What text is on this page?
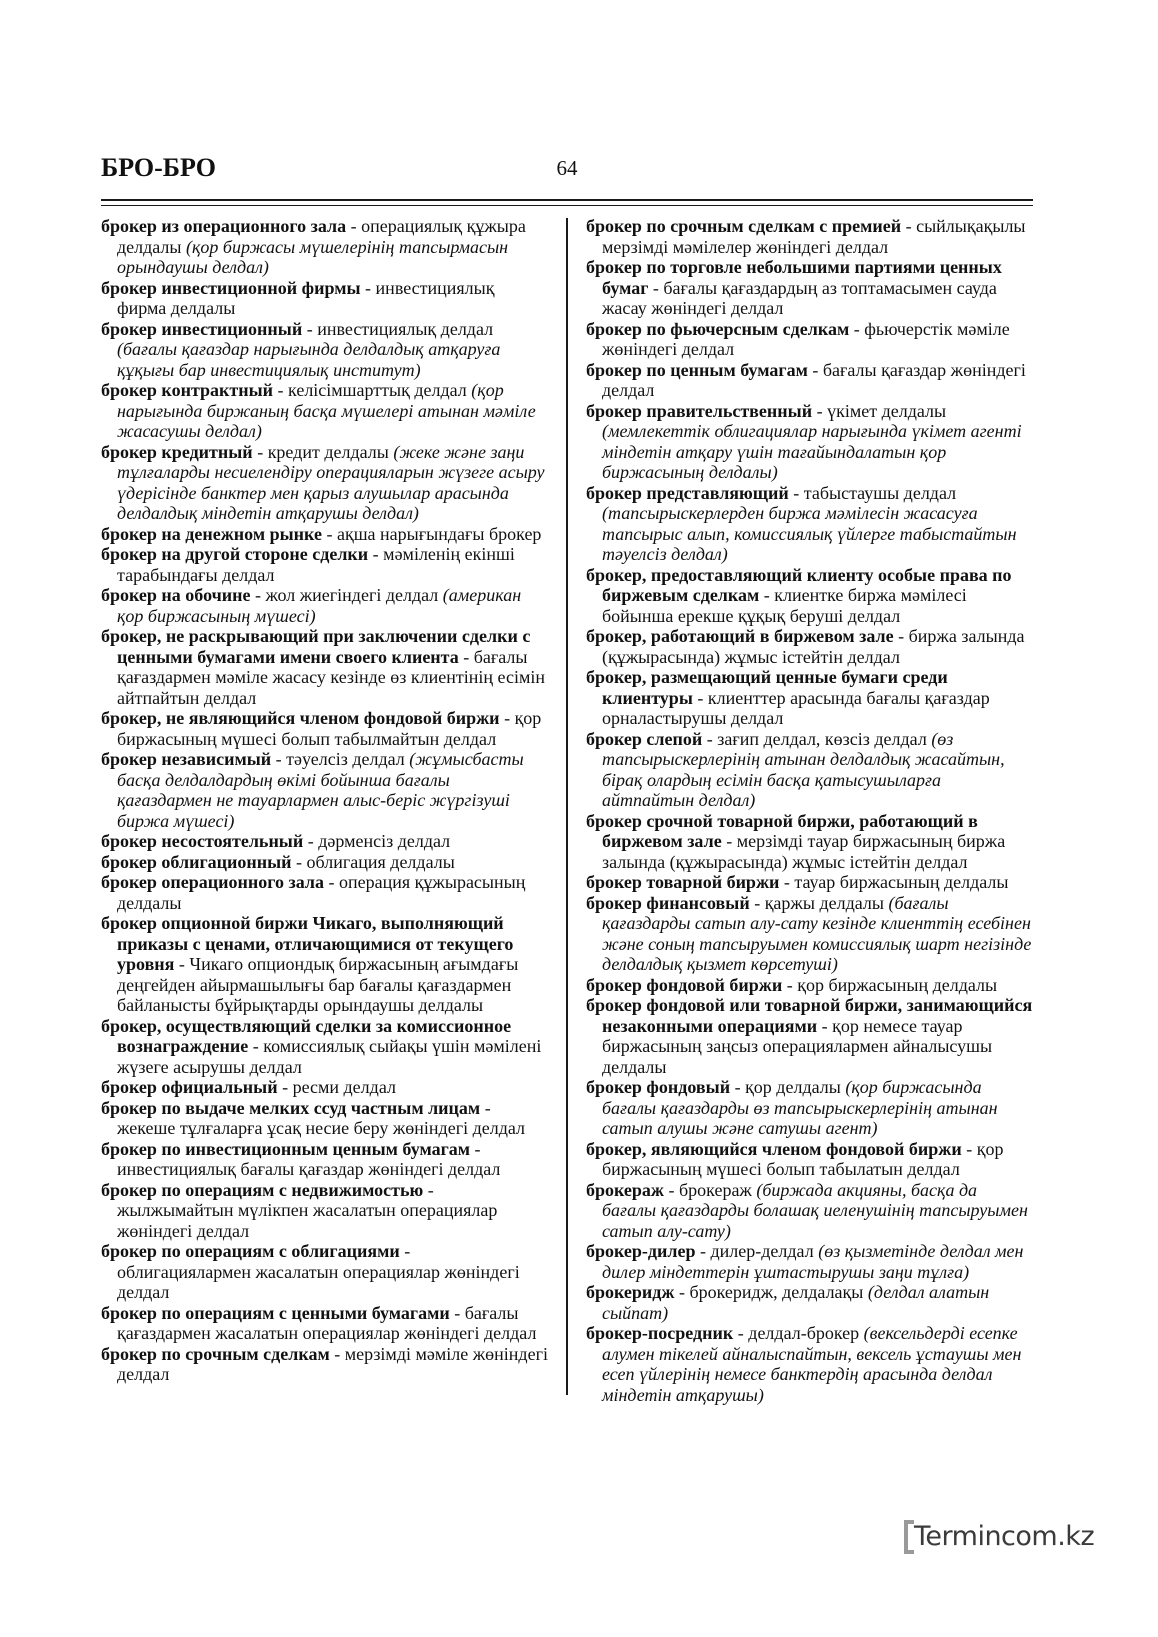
БРО-БРО	64

брокер из операционного зала - операциялық құжыра делдалы (қор биржасы мүшелерінің тапсырмасын орындаушы делдал)

брокер инвестиционной фирмы - инвестициялық фирма делдалы

брокер инвестиционный - инвестициялық делдал (бағалы қағаздар нарығында делдалдық атқаруға құқығы бар инвестициялық институт)

брокер контрактный - келісімшарттық делдал (қор нарығында биржаның басқа мүшелері атынан мәміле жасасушы делдал)

брокер кредитный - кредит делдалы (жеке және заңи тұлғаларды несиелендіру операцияларын жүзеге асыру үдерісінде банктер мен қарыз алушылар арасында делдалдық міндетін атқарушы делдал)

брокер на денежном рынке - ақша нарығындағы брокер

брокер на другой стороне сделки - мәміленің екінші тарабындағы делдал

брокер на обочине - жол жиегіндегі делдал (американ қор биржасының мүшесі)

брокер, не раскрывающий при заключении сделки с ценными бумагами имени своего клиента - бағалы қағаздармен мәміле жасасу кезінде өз клиентінің есімін айтпайтын делдал

брокер, не являющийся членом фондовой биржи - қор биржасының мүшесі болып табылмайтын делдал

брокер независимый - тәуелсіз делдал (жұмысбасты басқа делдалдардың өкімі бойынша бағалы қағаздармен не тауарлармен алыс-беріс жүргізуші биржа мүшесі)

брокер несостоятельный - дәрменсіз делдал

брокер облигационный - облигация делдалы

брокер операционного зала - операция құжырасының делдалы

брокер опционной биржи Чикаго, выполняющий приказы с ценами, отличающимися от текущего уровня - Чикаго опциондық биржасының ағымдағы деңгейден айырмашылығы бар бағалы қағаздармен байланысты бұйрықтарды орындаушы делдалы

брокер, осуществляющий сделки за комиссионное вознаграждение - комиссиялық сыйақы үшін мәмілені жүзеге асырушы делдал

брокер официальный - ресми делдал

брокер по выдаче мелких ссуд частным лицам - жекеше тұлғаларға ұсақ несие беру жөніндегі делдал

брокер по инвестиционным ценным бумагам - инвестициялық бағалы қағаздар жөніндегі делдал

брокер по операциям с недвижимостью - жылжымайтын мүлікпен жасалатын операциялар жөніндегі делдал

брокер по операциям с облигациями - облигациялармен жасалатын операциялар жөніндегі делдал

брокер по операциям с ценными бумагами - бағалы қағаздармен жасалатын операциялар жөніндегі делдал

брокер по срочным сделкам - мерзімді мәміле жөніндегі делдал

брокер по срочным сделкам с премией - сыйлықақылы мерзімді мәмілелер жөніндегі делдал

брокер по торговле небольшими партиями ценных бумаг - бағалы қағаздардың аз топтамасымен сауда жасау жөніндегі делдал

брокер по фьючерсным сделкам - фьючерстік мәміле жөніндегі делдал

брокер по ценным бумагам - бағалы қағаздар жөніндегі делдал

брокер правительственный - үкімет делдалы (мемлекеттік облигациялар нарығында үкімет агенті міндетін атқару үшін тағайындалатын қор биржасының делдалы)

брокер представляющий - табыстаушы делдал (тапсырыскерлерден биржа мәмілесін жасасуға тапсырыс алып, комиссиялық үйлерге табыстайтын тәуелсіз делдал)

брокер, предоставляющий клиенту особые права по биржевым сделкам - клиентке биржа мәмілесі бойынша ерекше құқық беруші делдал

брокер, работающий в биржевом зале - биржа залында (құжырасында) жұмыс істейтін делдал

брокер, размещающий ценные бумаги среди клиентуры - клиенттер арасында бағалы қағаздар орналастырушы делдал

брокер слепой - зағип делдал, көзсіз делдал (өз тапсырыскерлерінің атынан делдалдық жасайтын, бірақ олардың есімін басқа қатысушыларға айтпайтын делдал)

брокер срочной товарной биржи, работающий в биржевом зале - мерзімді тауар биржасының биржа залында (құжырасында) жұмыс істейтін делдал

брокер товарной биржи - тауар биржасының делдалы

брокер финансовый - қаржы делдалы (бағалы қағаздарды сатып алу-сату кезінде клиенттің есебінен және соның тапсыруымен комиссиялық шарт негізінде делдалдық қызмет көрсетуші)

брокер фондовой биржи - қор биржасының делдалы

брокер фондовой или товарной биржи, занимающийся незаконными операциями - қор немесе тауар биржасының заңсыз операциялармен айналысушы делдалы

брокер фондовый - қор делдалы (қор биржасында бағалы қағаздарды өз тапсырыскерлерінің атынан сатып алушы және сатушы агент)

брокер, являющийся членом фондовой биржи - қор биржасының мүшесі болып табылатын делдал

брокераж - брокераж (биржада акцияны, басқа да бағалы қағаздарды болашақ иеленушінің тапсыруымен сатып алу-сату)

брокер-дилер - дилер-делдал (өз қызметінде делдал мен дилер міндеттерін ұштастырушы заңи тұлға)

брокеридж - брокеридж, делдалақы (делдал алатын сыйпат)

брокер-посредник - делдал-брокер (вексельдерді есепке алумен тікелей айналыспайтын, вексель ұстаушы мен есеп үйлерінің немесе банктердің арасында делдал міндетін атқарушы)

Termincom.kz
